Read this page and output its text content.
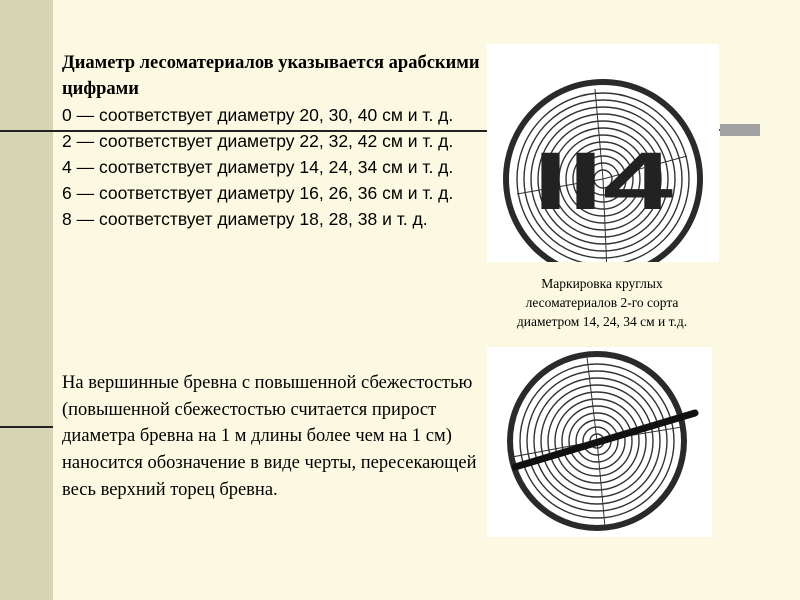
Диаметр лесоматериалов указывается арабскими цифрами
0 — соответствует диаметру 20, 30, 40 см и т. д.
2 — соответствует диаметру 22, 32, 42 см и т. д.
4 — соответствует диаметру 14, 24, 34 см и т. д.
6 — соответствует диаметру 16, 26, 36 см и т. д.
8 — соответствует диаметру 18, 28, 38 и т. д.
На вершинные бревна с повышенной сбежестостью (повышенной сбежестостью считается прирост диаметра бревна на 1 м длины более чем на 1 см) наносится обозначение в виде черты, пересекающей весь верхний торец бревна.
II4
Маркировка круглых лесоматериалов 2-го сорта диаметром 14, 24, 34 см и т.д.
